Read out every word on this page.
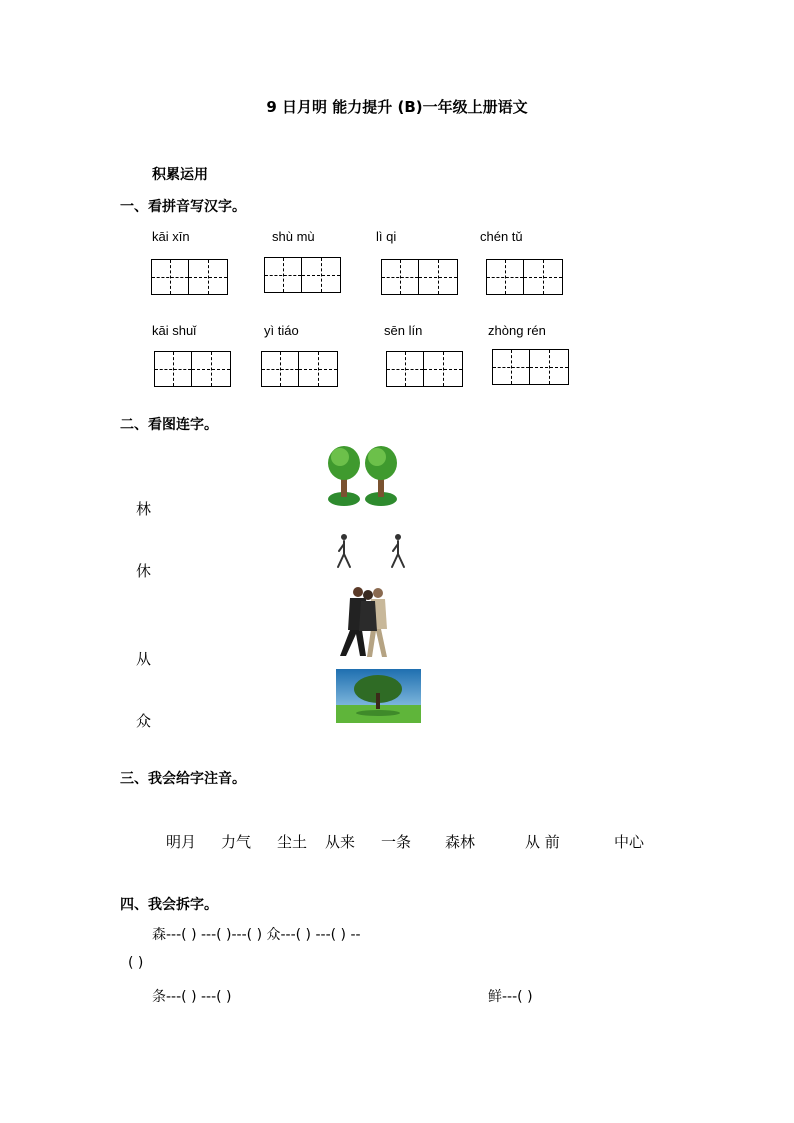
9 日月明 能力提升 (B)一年级上册语文
积累运用
一、看拼音写汉字。
kāi xīn	shù mù	lì qi	chén tǔ
kāi shuǐ	yì tiáo	sēn lín	zhòng rén
二、看图连字。
林
休
从
众
三、我会给字注音。
明月 力气 尘土 从来 一条 森林	从 前	中心
四、我会拆字。
森---( ) ---( )---( ) 众---( ) ---( ) --
( )
条---( ) ---( )	鲜---( )
